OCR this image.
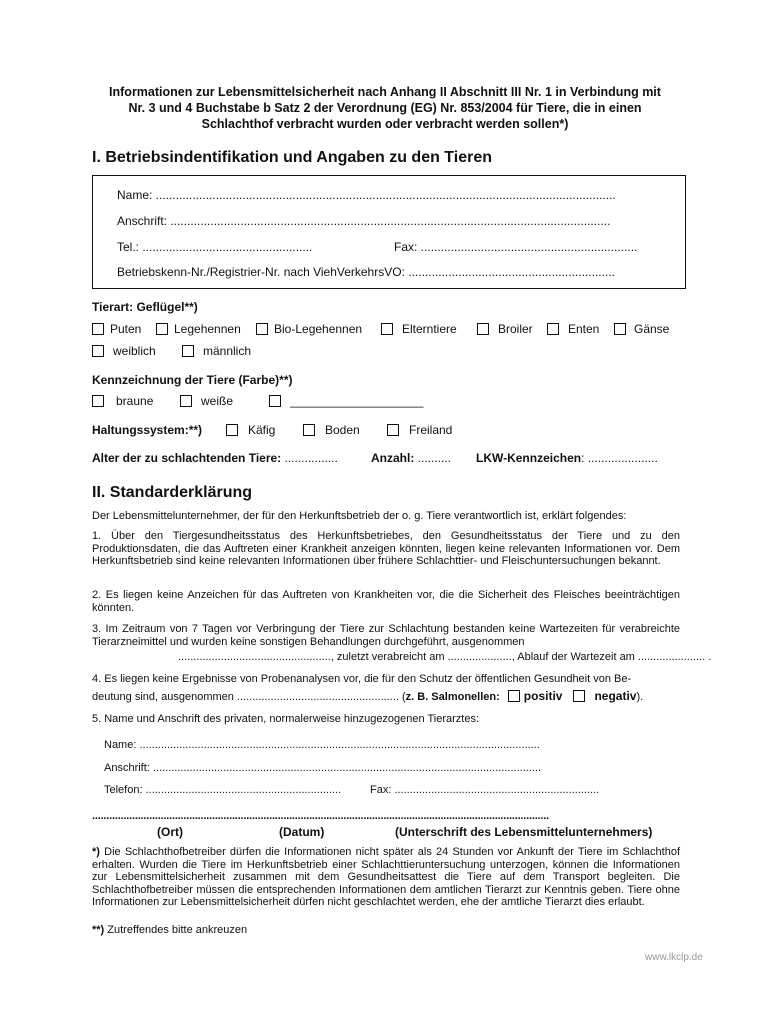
Informationen zur Lebensmittelsicherheit nach Anhang II Abschnitt III Nr. 1 in Verbindung mit
Nr. 3 und 4 Buchstabe b Satz 2 der Verordnung (EG) Nr. 853/2004 für Tiere, die in einen
Schlachthof verbracht wurden oder verbracht werden sollen*)
I. Betriebsindentifikation und Angaben zu den Tieren
Name: ..........................................................................................................................................
Anschrift: ....................................................................................................................................
Tel.: ...................................................	Fax: .................................................................
Betriebskenn-Nr./Registrier-Nr. nach ViehVerkehrsVO: ..............................................................
Tierart: Geflügel**)
Puten	Legehennen	Bio-Legehennen	Elterntiere	Broiler	Enten	Gänse
weiblich	männlich
Kennzeichnung der Tiere (Farbe)**)
braune	weiße	____________________
Haltungssystem:**)	Käfig	Boden	Freiland
Alter der zu schlachtenden Tiere: ................	Anzahl: .......... LKW-Kennzeichen: .....................
II. Standarderklärung
Der Lebensmittelunternehmer, der für den Herkunftsbetrieb der o. g. Tiere verantwortlich ist, erklärt folgendes:
1. Über den Tiergesundheitsstatus des Herkunftsbetriebes, den Gesundheitsstatus der Tiere und zu den Produktionsdaten, die das Auftreten einer Krankheit anzeigen könnten, liegen keine relevanten Informationen vor. Dem Herkunftsbetrieb sind keine relevanten Informationen über frühere Schlachttier- und Fleischuntersuchungen bekannt.
2. Es liegen keine Anzeichen für das Auftreten von Krankheiten vor, die die Sicherheit des Fleisches beeinträchtigen könnten.
3. Im Zeitraum von 7 Tagen vor Verbringung der Tiere zur Schlachtung bestanden keine Wartezeiten für verabreichte Tierarzneimittel und wurden keine sonstigen Behandlungen durchgeführt, ausgenommen
.................................................., zuletzt verabreicht am ....................., Ablauf der Wartezeit am ...................... .
4. Es liegen keine Ergebnisse von Probenanalysen vor, die für den Schutz der öffentlichen Gesundheit von Be-
deutung sind, ausgenommen ..................................................... (z. B. Salmonellen: positiv	negativ).
5. Name und Anschrift des privaten, normalerweise hinzugezogenen Tierarztes:
Name: ...................................................................................................................................
Anschrift: ...............................................................................................................................
Telefon: ................................................................	Fax: ...................................................................
................................................................................................................................................................
(Ort)	(Datum)	(Unterschrift des Lebensmittelunternehmers)
*) Die Schlachthofbetreiber dürfen die Informationen nicht später als 24 Stunden vor Ankunft der Tiere im Schlachthof erhalten. Wurden die Tiere im Herkunftsbetrieb einer Schlachttieruntersuchung unterzogen, können die Informationen zur Lebensmittelsicherheit zusammen mit dem Gesundheitsattest die Tiere auf dem Transport begleiten. Die Schlachthofbetreiber müssen die entsprechenden Informationen dem amtlichen Tierarzt zur Kenntnis geben. Tiere ohne Informationen zur Lebensmittelsicherheit dürfen nicht geschlachtet werden, ehe der amtliche Tierarzt dies erlaubt.
**) Zutreffendes bitte ankreuzen
www.lkclp.de
